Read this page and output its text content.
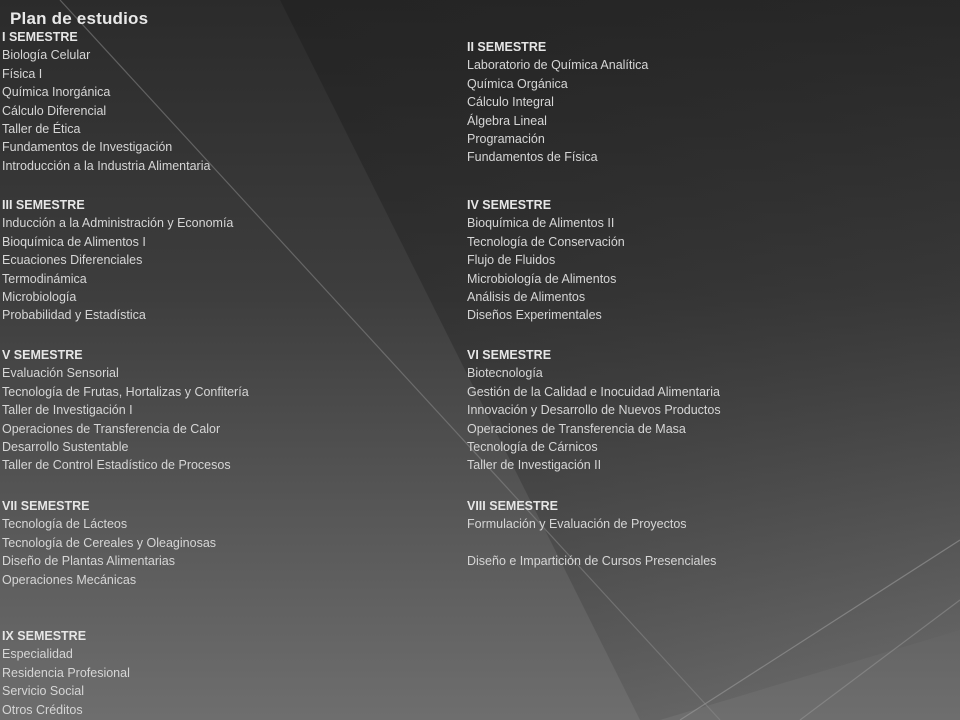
Plan de estudios
I SEMESTRE
Biología Celular
Física I
Química Inorgánica
Cálculo Diferencial
Taller de Ética
Fundamentos de Investigación
Introducción a la Industria Alimentaria
II SEMESTRE
Laboratorio de Química Analítica
Química Orgánica
Cálculo Integral
Álgebra Lineal
Programación
Fundamentos de Física
III SEMESTRE
Inducción a la Administración y Economía
Bioquímica de Alimentos I
Ecuaciones Diferenciales
Termodinámica
Microbiología
Probabilidad y Estadística
IV SEMESTRE
Bioquímica de Alimentos II
Tecnología de Conservación
Flujo de Fluidos
Microbiología de Alimentos
Análisis de Alimentos
Diseños Experimentales
V SEMESTRE
Evaluación Sensorial
Tecnología de Frutas, Hortalizas y Confitería
Taller de Investigación I
Operaciones de Transferencia de Calor
Desarrollo Sustentable
Taller de Control Estadístico de Procesos
VI SEMESTRE
Biotecnología
Gestión de la Calidad e Inocuidad Alimentaria
Innovación y Desarrollo de Nuevos Productos
Operaciones de Transferencia de Masa
Tecnología de Cárnicos
Taller de Investigación II
VII SEMESTRE
Tecnología de Lácteos
Tecnología de Cereales y Oleaginosas
Diseño de Plantas Alimentarias
Operaciones Mecánicas
VIII SEMESTRE
Formulación y Evaluación de Proyectos
Diseño e Impartición de Cursos Presenciales
IX SEMESTRE
Especialidad
Residencia Profesional
Servicio Social
Otros Créditos
